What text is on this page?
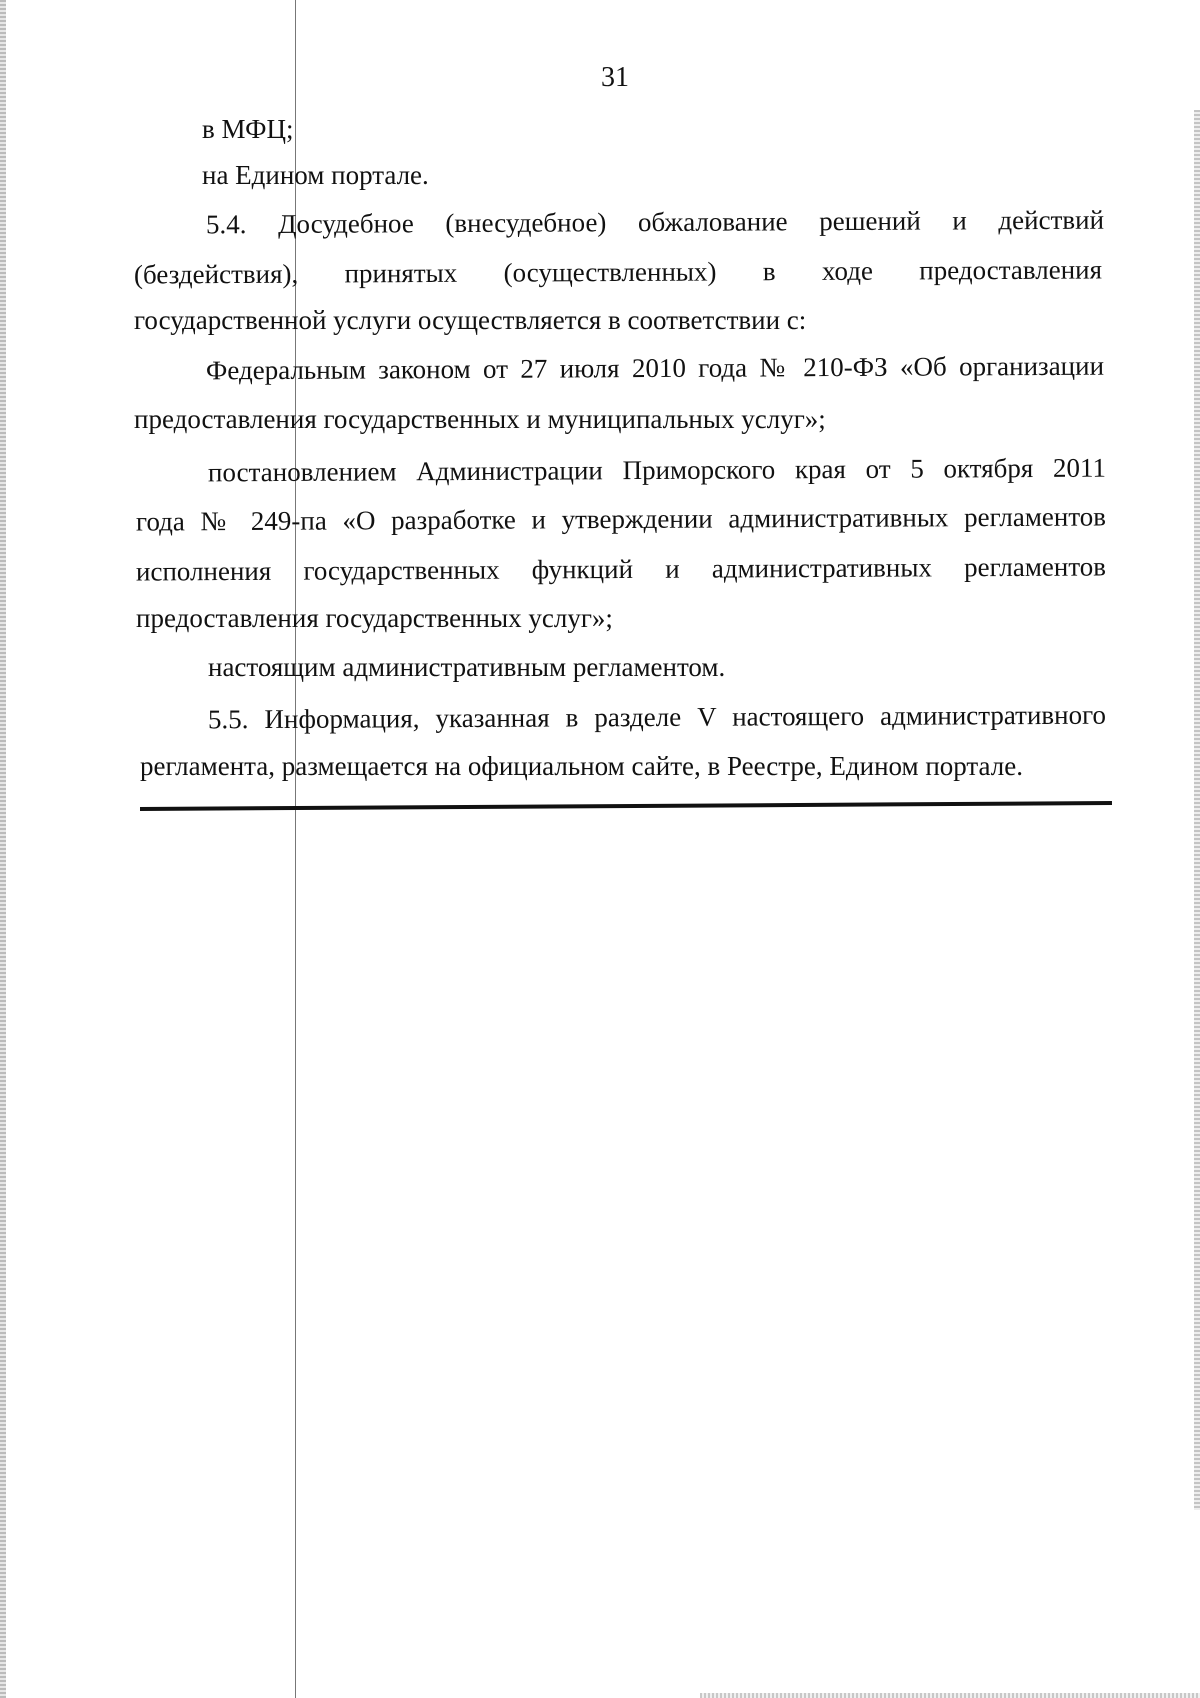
31
в МФЦ;
на Едином портале.
5.4. Досудебное (внесудебное) обжалование решений и действий
(бездействия), принятых (осуществленных) в ходе предоставления
государственной услуги осуществляется в соответствии с:
Федеральным законом от 27 июля 2010 года № 210-ФЗ «Об организации
предоставления государственных и муниципальных услуг»;
постановлением Администрации Приморского края от 5 октября 2011
года № 249-па «О разработке и утверждении административных регламентов
исполнения государственных функций и административных регламентов
предоставления государственных услуг»;
настоящим административным регламентом.
5.5. Информация, указанная в разделе V настоящего административного
регламента, размещается на официальном сайте, в Реестре, Едином портале.
